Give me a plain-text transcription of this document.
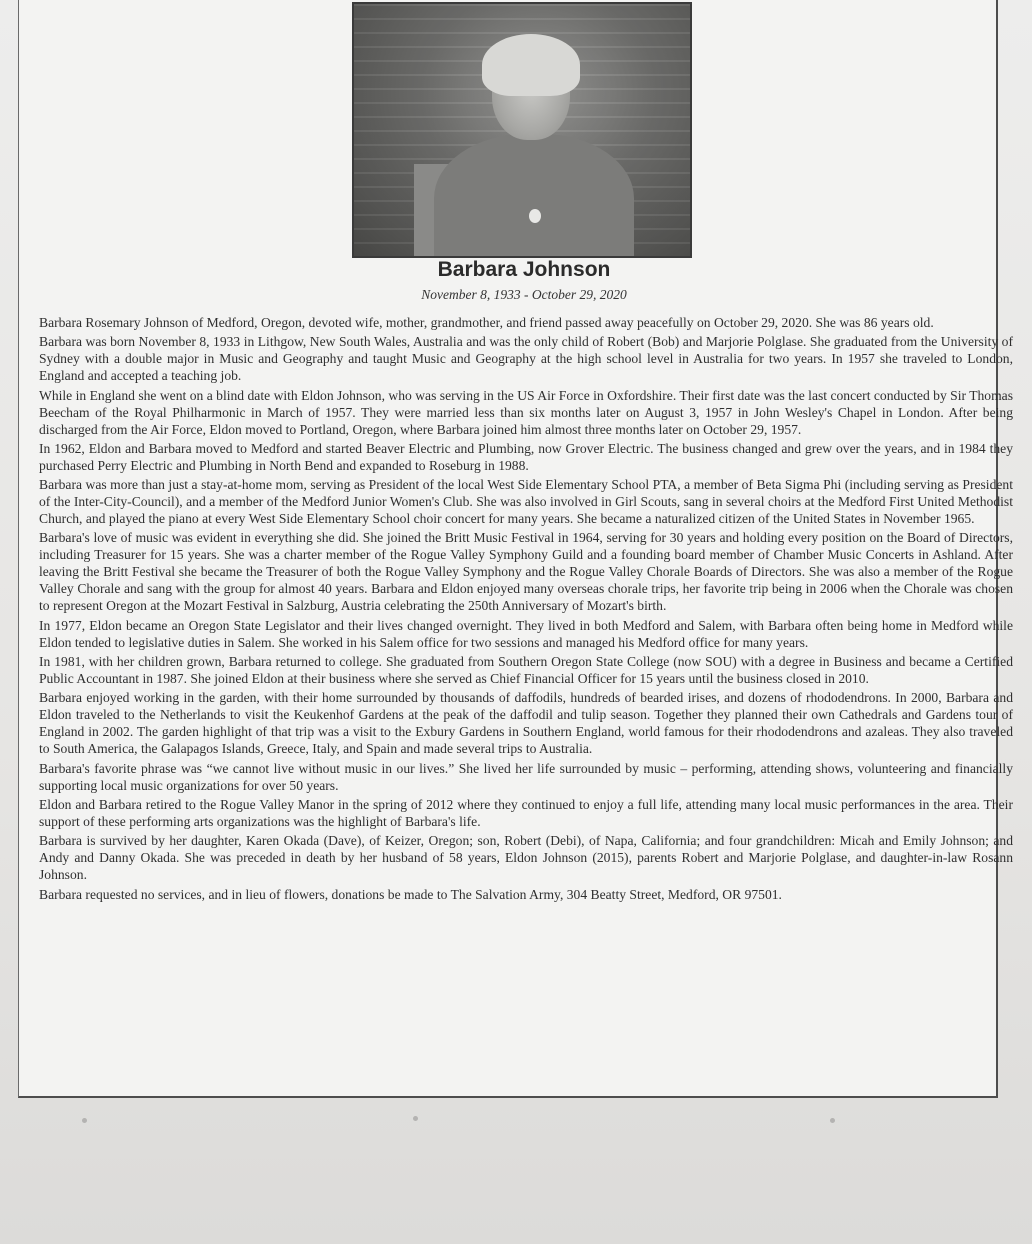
Barbara Johnson
November 8, 1933 - October 29, 2020

Barbara Rosemary Johnson of Medford, Oregon, devoted wife, mother, grandmother, and friend passed away peacefully on October 29, 2020. She was 86 years old.

Barbara was born November 8, 1933 in Lithgow, New South Wales, Australia and was the only child of Robert (Bob) and Marjorie Polglase. She graduated from the University of Sydney with a double major in Music and Geography and taught Music and Geography at the high school level in Australia for two years. In 1957 she traveled to London, England and accepted a teaching job.

While in England she went on a blind date with Eldon Johnson, who was serving in the US Air Force in Oxfordshire. Their first date was the last concert conducted by Sir Thomas Beecham of the Royal Philharmonic in March of 1957. They were married less than six months later on August 3, 1957 in John Wesley's Chapel in London. After being discharged from the Air Force, Eldon moved to Portland, Oregon, where Barbara joined him almost three months later on October 29, 1957.

In 1962, Eldon and Barbara moved to Medford and started Beaver Electric and Plumbing, now Grover Electric. The business changed and grew over the years, and in 1984 they purchased Perry Electric and Plumbing in North Bend and expanded to Roseburg in 1988.

Barbara was more than just a stay-at-home mom, serving as President of the local West Side Elementary School PTA, a member of Beta Sigma Phi (including serving as President of the Inter-City-Council), and a member of the Medford Junior Women's Club. She was also involved in Girl Scouts, sang in several choirs at the Medford First United Methodist Church, and played the piano at every West Side Elementary School choir concert for many years. She became a naturalized citizen of the United States in November 1965.

Barbara's love of music was evident in everything she did. She joined the Britt Music Festival in 1964, serving for 30 years and holding every position on the Board of Directors, including Treasurer for 15 years. She was a charter member of the Rogue Valley Symphony Guild and a founding board member of Chamber Music Concerts in Ashland. After leaving the Britt Festival she became the Treasurer of both the Rogue Valley Symphony and the Rogue Valley Chorale Boards of Directors. She was also a member of the Rogue Valley Chorale and sang with the group for almost 40 years. Barbara and Eldon enjoyed many overseas chorale trips, her favorite trip being in 2006 when the Chorale was chosen to represent Oregon at the Mozart Festival in Salzburg, Austria celebrating the 250th Anniversary of Mozart's birth.

In 1977, Eldon became an Oregon State Legislator and their lives changed overnight. They lived in both Medford and Salem, with Barbara often being home in Medford while Eldon tended to legislative duties in Salem. She worked in his Salem office for two sessions and managed his Medford office for many years.

In 1981, with her children grown, Barbara returned to college. She graduated from Southern Oregon State College (now SOU) with a degree in Business and became a Certified Public Accountant in 1987. She joined Eldon at their business where she served as Chief Financial Officer for 15 years until the business closed in 2010.

Barbara enjoyed working in the garden, with their home surrounded by thousands of daffodils, hundreds of bearded irises, and dozens of rhododendrons. In 2000, Barbara and Eldon traveled to the Netherlands to visit the Keukenhof Gardens at the peak of the daffodil and tulip season. Together they planned their own Cathedrals and Gardens tour of England in 2002. The garden highlight of that trip was a visit to the Exbury Gardens in Southern England, world famous for their rhododendrons and azaleas. They also traveled to South America, the Galapagos Islands, Greece, Italy, and Spain and made several trips to Australia.

Barbara's favorite phrase was “we cannot live without music in our lives.” She lived her life surrounded by music – performing, attending shows, volunteering and financially supporting local music organizations for over 50 years.

Eldon and Barbara retired to the Rogue Valley Manor in the spring of 2012 where they continued to enjoy a full life, attending many local music performances in the area. Their support of these performing arts organizations was the highlight of Barbara's life.

Barbara is survived by her daughter, Karen Okada (Dave), of Keizer, Oregon; son, Robert (Debi), of Napa, California; and four grandchildren: Micah and Emily Johnson; and Andy and Danny Okada. She was preceded in death by her husband of 58 years, Eldon Johnson (2015), parents Robert and Marjorie Polglase, and daughter-in-law Rosann Johnson.

Barbara requested no services, and in lieu of flowers, donations be made to The Salvation Army, 304 Beatty Street, Medford, OR 97501.
